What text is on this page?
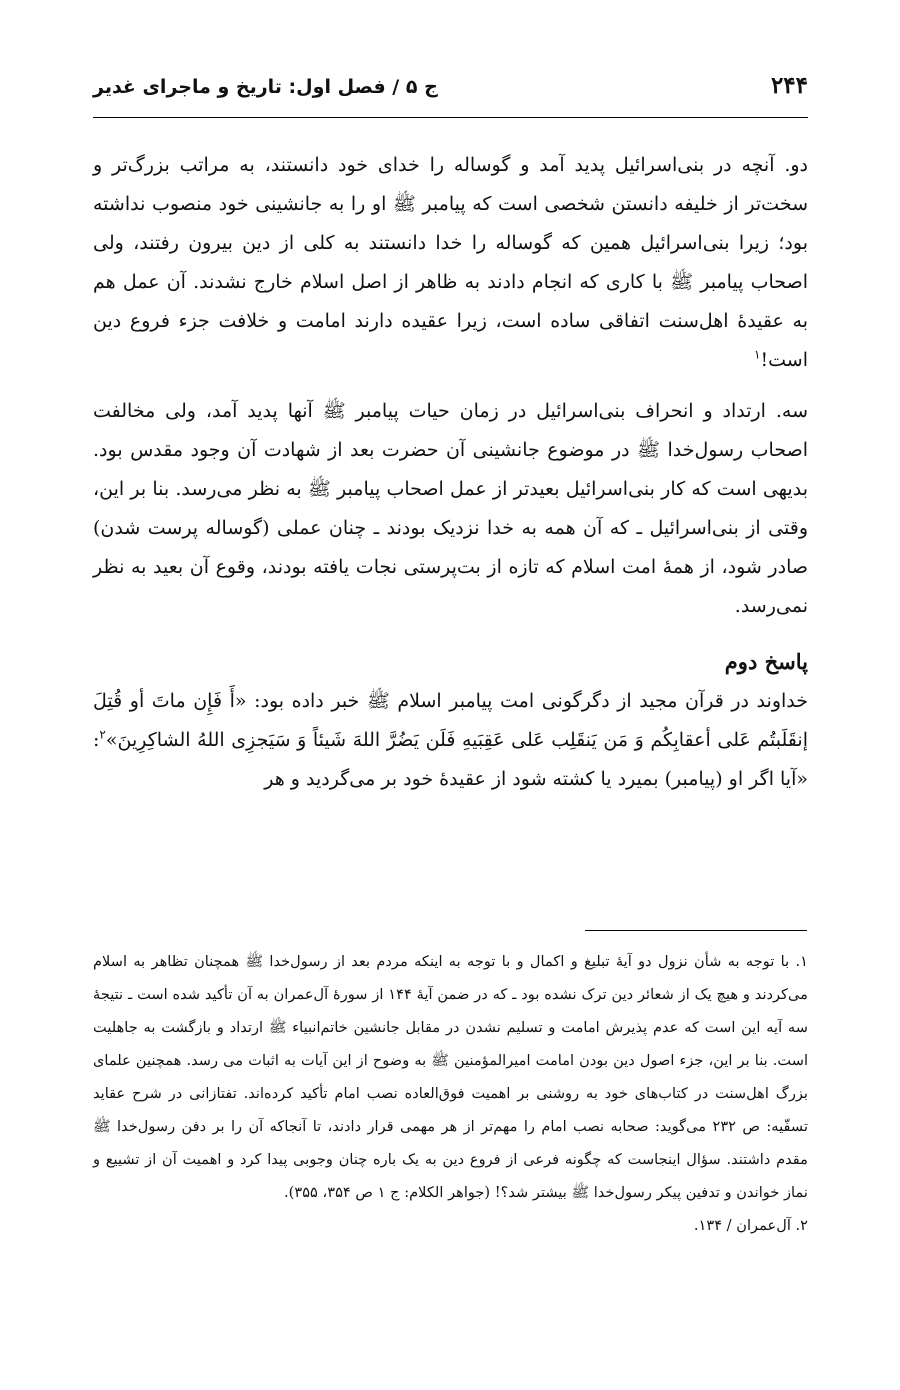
۲۴۴
ج ۵ / فصل اول: تاریخ و ماجرای غدیر

دو. آنچه در بنی‌اسرائیل پدید آمد و گوساله را خدای خود دانستند، به مراتب بزرگ‌تر و سخت‌تر از خلیفه دانستن شخصی است که پیامبر ﷺ او را به جانشینی خود منصوب نداشته بود؛ زیرا بنی‌اسرائیل همین که گوساله را خدا دانستند به کلی از دین بیرون رفتند، ولی اصحاب پیامبر ﷺ با کاری که انجام دادند به ظاهر از اصل اسلام خارج نشدند. آن عمل هم به عقیدهٔ اهل‌سنت اتفاقی ساده است، زیرا عقیده دارند امامت و خلافت جزء فروع دین است!$^۱$

سه. ارتداد و انحراف بنی‌اسرائیل در زمان حیات پیامبر ﷺ آنها پدید آمد، ولی مخالفت اصحاب رسول‌خدا ﷺ در موضوع جانشینی آن حضرت بعد از شهادت آن وجود مقدس بود. بدیهی است که کار بنی‌اسرائیل بعیدتر از عمل اصحاب پیامبر ﷺ به نظر می‌رسد. بنا بر این، وقتی از بنی‌اسرائیل ـ که آن همه به خدا نزدیک بودند ـ چنان عملی (گوساله پرست شدن) صادر شود، از همهٔ امت اسلام که تازه از بت‌پرستی نجات یافته بودند، وقوع آن بعید به نظر نمی‌رسد.

پاسخ دوم

خداوند در قرآن مجید از دگرگونی امت پیامبر اسلام ﷺ خبر داده بود: «أَ فَإِن ماتَ أو قُتِلَ إنقَلَبتُم عَلی أعقابِکُم وَ مَن یَنقَلِب عَلی عَقِبَیهِ فَلَن یَضُرَّ اللهَ شَیئاً وَ سَیَجزِی اللهُ الشاکِرِینَ»$^۲$: «آیا اگر او (پیامبر) بمیرد یا کشته شود از عقیدهٔ خود بر می‌گردید و هر

۱. با توجه به شأن نزول دو آیهٔ تبلیغ و اکمال و با توجه به اینکه مردم بعد از رسول‌خدا ﷺ همچنان تظاهر به اسلام می‌کردند و هیچ یک از شعائر دین ترک نشده بود ـ که در ضمن آیهٔ ۱۴۴ از سورهٔ آل‌عمران به آن تأکید شده است ـ نتیجهٔ سه آیه این است که عدم پذیرش امامت و تسلیم نشدن در مقابل جانشین خاتم‌انبیاء ﷺ ارتداد و بازگشت به جاهلیت است. بنا بر این، جزء اصول دین بودن امامت امیرالمؤمنین ﷺ به وضوح از این آیات به اثبات می رسد. همچنین علمای بزرگ اهل‌سنت در کتاب‌های خود به روشنی بر اهمیت فوق‌العاده نصب امام تأکید کرده‌اند. تفتازانی در شرح عقاید تسفّیه: ص ۲۳۲ می‌گوید: صحابه نصب امام را مهم‌تر از هر مهمی قرار دادند، تا آنجاکه آن را بر دفن رسول‌خدا ﷺ مقدم داشتند. سؤال اینجاست که چگونه فرعی از فروع دین به یک باره چنان وجوبی پیدا کرد و اهمیت آن از تشییع و نماز خواندن و تدفین پیکر رسول‌خدا ﷺ بیشتر شد؟! (جواهر الکلام: ج ۱ ص ۳۵۴، ۳۵۵).

۲. آل‌عمران / ۱۳۴.
